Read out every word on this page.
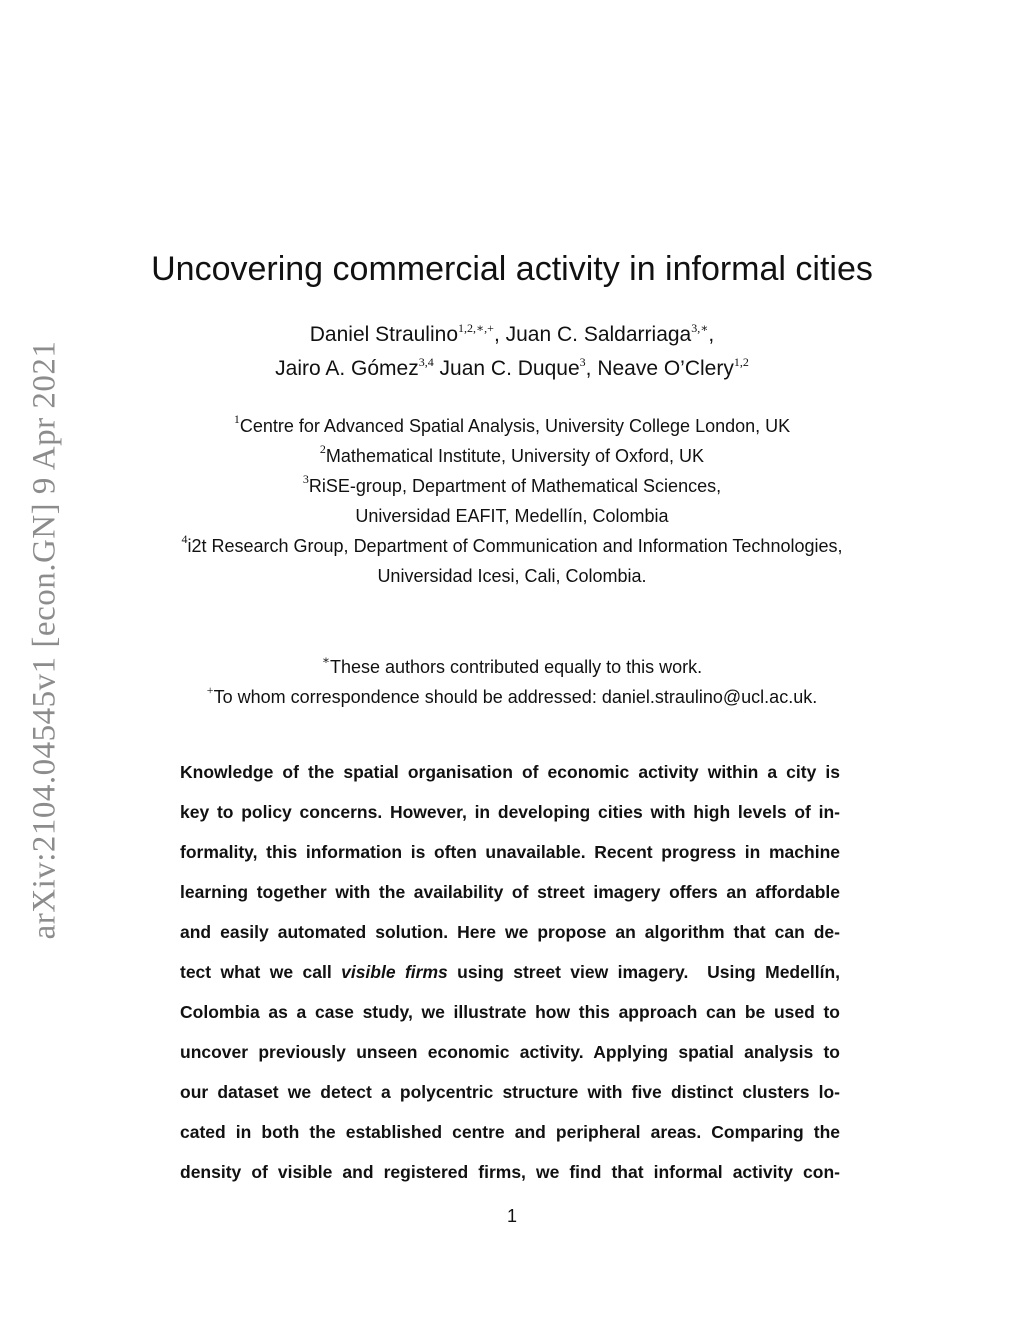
arXiv:2104.04545v1 [econ.GN] 9 Apr 2021
Uncovering commercial activity in informal cities
Daniel Straulino$^{1,2,∗,+}$, Juan C. Saldarriaga$^{3,∗}$,
Jairo A. Gómez$^{3,4}$ Juan C. Duque$^3$, Neave O’Clery$^{1,2}$
$^1$Centre for Advanced Spatial Analysis, University College London, UK
$^2$Mathematical Institute, University of Oxford, UK
$^3$RiSE-group, Department of Mathematical Sciences,
Universidad EAFIT, Medellín, Colombia
$^4$i2t Research Group, Department of Communication and Information Technologies,
Universidad Icesi, Cali, Colombia.
∗These authors contributed equally to this work.
+To whom correspondence should be addressed: daniel.straulino@ucl.ac.uk.
Knowledge of the spatial organisation of economic activity within a city is
key to policy concerns. However, in developing cities with high levels of in-
formality, this information is often unavailable. Recent progress in machine
learning together with the availability of street imagery offers an affordable
and easily automated solution. Here we propose an algorithm that can de-
tect what we call visible firms using street view imagery.  Using Medellín,
Colombia as a case study, we illustrate how this approach can be used to
uncover previously unseen economic activity. Applying spatial analysis to
our dataset we detect a polycentric structure with five distinct clusters lo-
cated in both the established centre and peripheral areas. Comparing the
density of visible and registered firms, we find that informal activity con-
1
